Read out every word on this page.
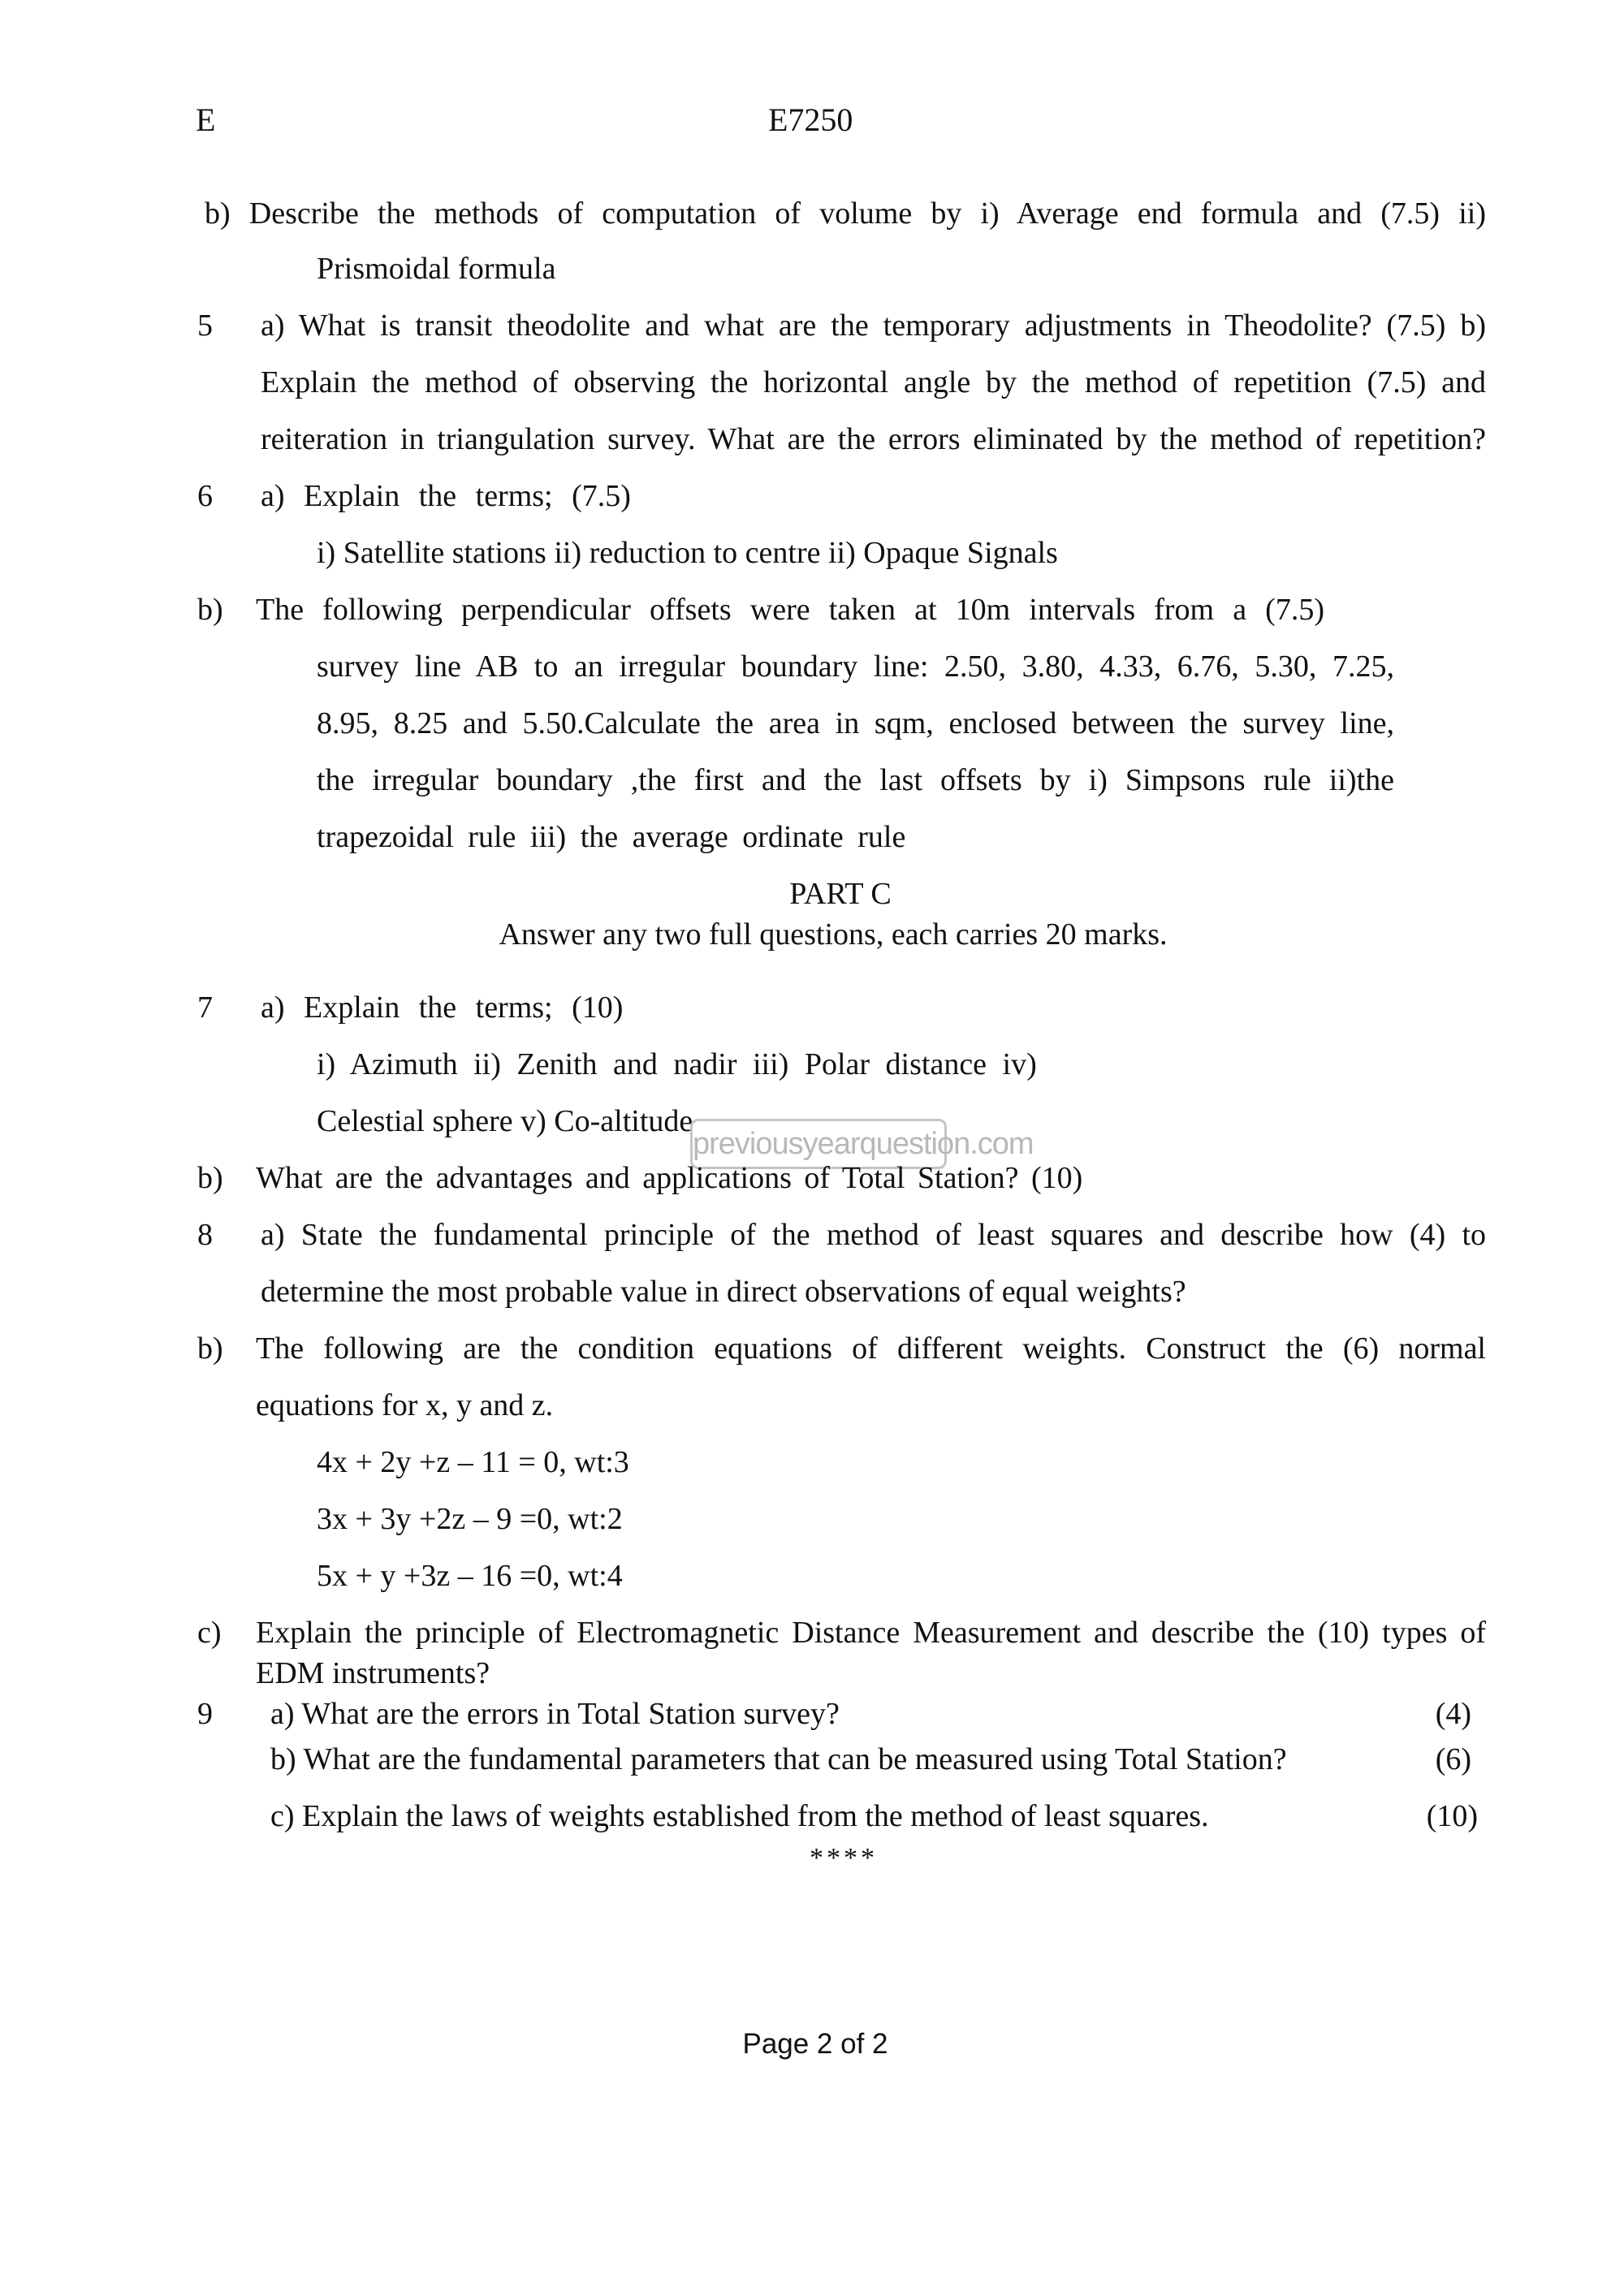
E	E7250
b) Describe the methods of computation of volume by i) Average end formula and (7.5) ii)
Prismoidal formula
5 a) What is transit theodolite and what are the temporary adjustments in Theodolite? (7.5) b)
Explain the method of observing the horizontal angle by the method of repetition (7.5) and
reiteration in triangulation survey. What are the errors eliminated by the method of repetition?
6 a) Explain the terms; (7.5)
i) Satellite stations ii) reduction to centre ii) Opaque Signals
b) The following perpendicular offsets were taken at 10m intervals from a (7.5)
survey line AB to an irregular boundary line: 2.50, 3.80, 4.33, 6.76, 5.30, 7.25,
8.95, 8.25 and 5.50.Calculate the area in sqm, enclosed between the survey line,
the irregular boundary ,the first and the last offsets by i) Simpsons rule ii)the
trapezoidal rule iii) the average ordinate rule
PART C
Answer any two full questions, each carries 20 marks.
7 a) Explain the terms; (10)
i) Azimuth ii) Zenith and nadir iii) Polar distance iv)
Celestial sphere v) Co-altitude
previousyearquestion.com
b) What are the advantages and applications of Total Station? (10)
8 a) State the fundamental principle of the method of least squares and describe how (4) to
determine the most probable value in direct observations of equal weights?
b) The following are the condition equations of different weights. Construct the (6) normal
equations for x, y and z.
4x + 2y +z – 11 = 0, wt:3
3x + 3y +2z – 9 =0, wt:2
5x + y +3z – 16 =0, wt:4
c) Explain the principle of Electromagnetic Distance Measurement and describe the (10) types of
EDM instruments?
9 a) What are the errors in Total Station survey?	(4)
b) What are the fundamental parameters that can be measured using Total Station?	(6)
c) Explain the laws of weights established from the method of least squares.	(10)
****
Page 2 of 2
